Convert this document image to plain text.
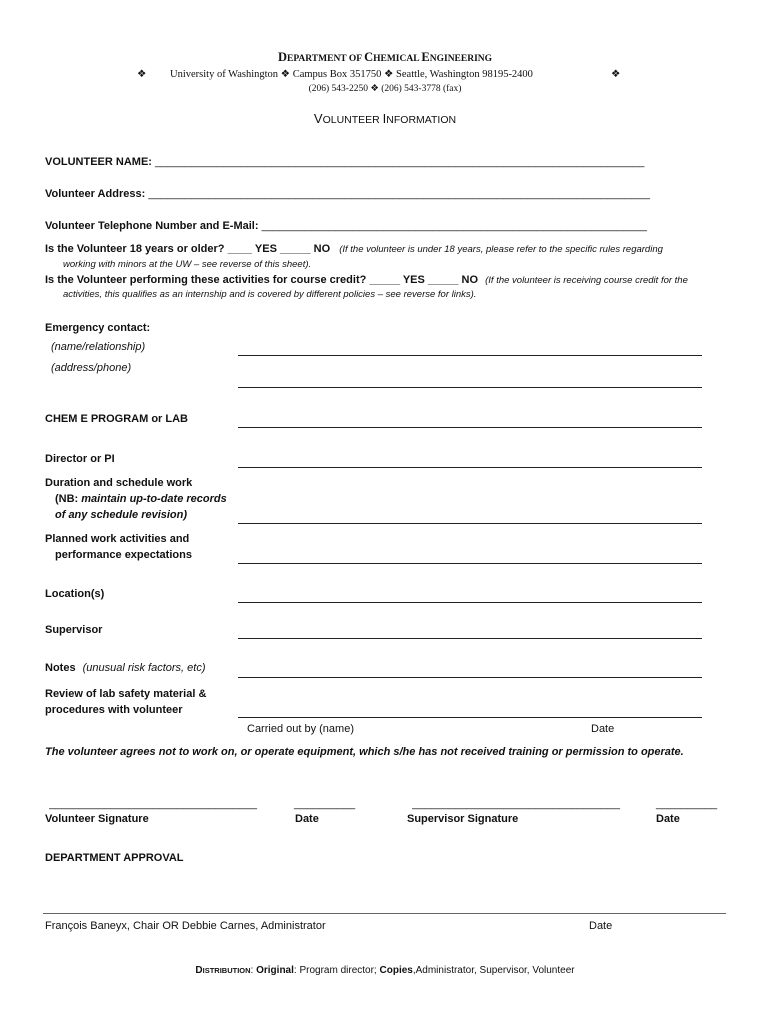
DEPARTMENT OF CHEMICAL ENGINEERING
❖ University of Washington ❖ Campus Box 351750 ❖ Seattle, Washington 98195-2400	❖
(206) 543-2250 ❖ (206) 543-3778 (fax)
VOLUNTEER INFORMATION
VOLUNTEER NAME: ________________________________________________________________________________
Volunteer Address: __________________________________________________________________________________
Volunteer Telephone Number and E-Mail: _______________________________________________________________
Is the Volunteer 18 years or older? ____ YES _____ NO (If the volunteer is under 18 years, please refer to the specific rules regarding
working with minors at the UW – see reverse of this sheet).
Is the Volunteer performing these activities for course credit? _____ YES _____ NO (If the volunteer is receiving course credit for the
activities, this qualifies as an internship and is covered by different policies – see reverse for links).
Emergency contact:
(name/relationship)
(address/phone)
CHEM E PROGRAM or LAB
Director or PI
Duration and schedule work
(NB: maintain up-to-date records
of any schedule revision)
Planned work activities and
performance expectations
Location(s)
Supervisor
Notes (unusual risk factors, etc)
Review of lab safety material &
procedures with volunteer
Carried out by (name)	Date
The volunteer agrees not to work on, or operate equipment, which s/he has not received training or permission to operate.
__________________________________	__________	__________________________________	__________
Volunteer Signature	Date	Supervisor Signature	Date
DEPARTMENT APPROVAL
François Baneyx, Chair OR Debbie Carnes, Administrator	Date
DISTRIBUTION: Original: Program director; Copies,Administrator, Supervisor, Volunteer
